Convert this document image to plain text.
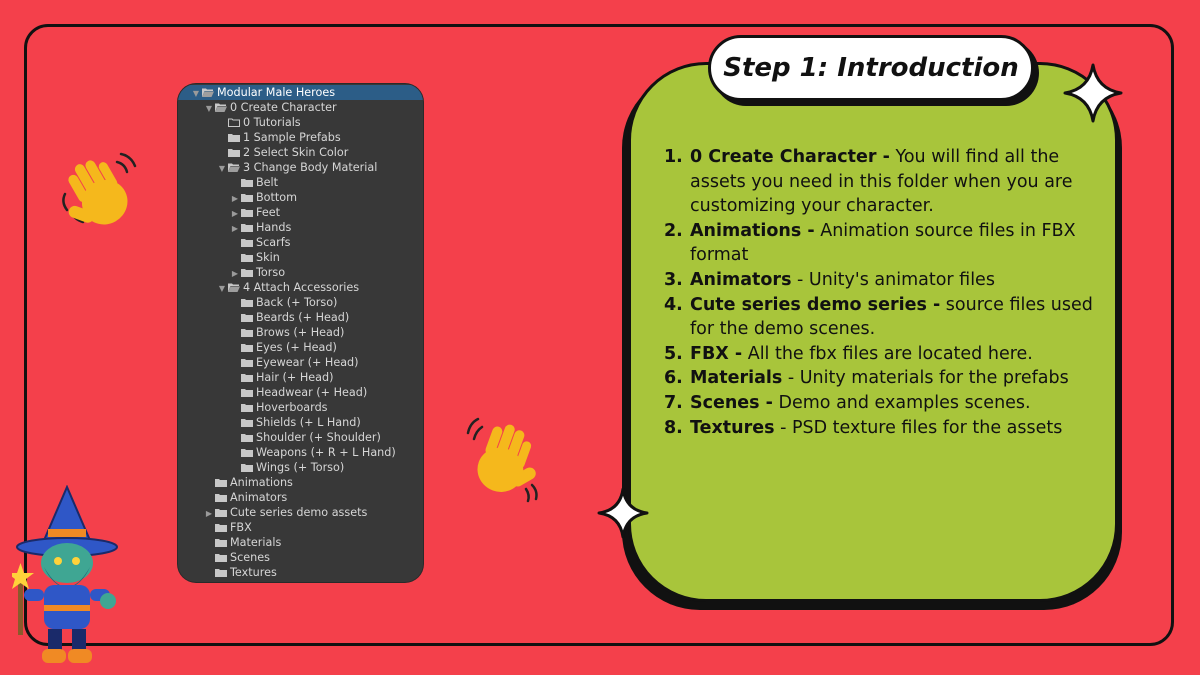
▼ Modular Male Heroes
▼ 0 Create Character
0 Tutorials
1 Sample Prefabs
2 Select Skin Color
▼ 3 Change Body Material
Belt
▶ Bottom
▶ Feet
▶ Hands
Scarfs
Skin
▶ Torso
▼ 4 Attach Accessories
Back (+ Torso)
Beards (+ Head)
Brows (+ Head)
Eyes (+ Head)
Eyewear (+ Head)
Hair (+ Head)
Headwear (+ Head)
Hoverboards
Shields (+ L Hand)
Shoulder (+ Shoulder)
Weapons (+ R + L Hand)
Wings (+ Torso)
Animations
Animators
▶ Cute series demo assets
FBX
Materials
Scenes
Textures
Step 1: Introduction
1. 0 Create Character - You will find all the assets you need in this folder when you are customizing your character.
2. Animations - Animation source files in FBX format
3. Animators - Unity's animator files
4. Cute series demo series - source files used for the demo scenes.
5. FBX - All the fbx files are located here.
6. Materials - Unity materials for the prefabs
7. Scenes - Demo and examples scenes.
8. Textures - PSD texture files for the assets
